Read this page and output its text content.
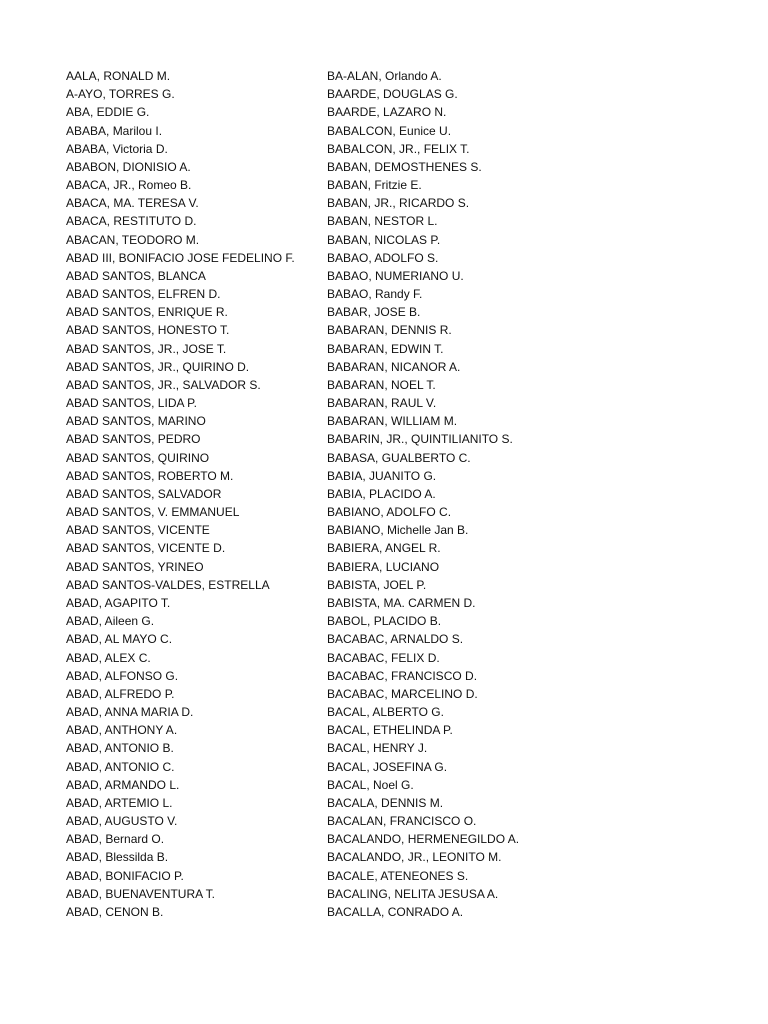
AALA, RONALD M.
A-AYO, TORRES G.
ABA, EDDIE G.
ABABA, Marilou I.
ABABA, Victoria D.
ABABON, DIONISIO A.
ABACA, JR., Romeo B.
ABACA, MA. TERESA V.
ABACA, RESTITUTO D.
ABACAN, TEODORO M.
ABAD III, BONIFACIO JOSE FEDELINO F.
ABAD SANTOS, BLANCA
ABAD SANTOS, ELFREN D.
ABAD SANTOS, ENRIQUE R.
ABAD SANTOS, HONESTO T.
ABAD SANTOS, JR., JOSE T.
ABAD SANTOS, JR., QUIRINO D.
ABAD SANTOS, JR., SALVADOR S.
ABAD SANTOS, LIDA P.
ABAD SANTOS, MARINO
ABAD SANTOS, PEDRO
ABAD SANTOS, QUIRINO
ABAD SANTOS, ROBERTO M.
ABAD SANTOS, SALVADOR
ABAD SANTOS, V. EMMANUEL
ABAD SANTOS, VICENTE
ABAD SANTOS, VICENTE D.
ABAD SANTOS, YRINEO
ABAD SANTOS-VALDES, ESTRELLA
ABAD, AGAPITO T.
ABAD, Aileen G.
ABAD, AL MAYO C.
ABAD, ALEX C.
ABAD, ALFONSO G.
ABAD, ALFREDO P.
ABAD, ANNA MARIA D.
ABAD, ANTHONY A.
ABAD, ANTONIO B.
ABAD, ANTONIO C.
ABAD, ARMANDO L.
ABAD, ARTEMIO L.
ABAD, AUGUSTO V.
ABAD, Bernard O.
ABAD, Blessilda B.
ABAD, BONIFACIO P.
ABAD, BUENAVENTURA T.
ABAD, CENON B.
BA-ALAN, Orlando A.
BAARDE, DOUGLAS G.
BAARDE, LAZARO N.
BABALCON, Eunice U.
BABALCON, JR., FELIX T.
BABAN, DEMOSTHENES S.
BABAN, Fritzie E.
BABAN, JR., RICARDO S.
BABAN, NESTOR L.
BABAN, NICOLAS P.
BABAO, ADOLFO S.
BABAO, NUMERIANO U.
BABAO, Randy F.
BABAR, JOSE B.
BABARAN, DENNIS R.
BABARAN, EDWIN T.
BABARAN, NICANOR A.
BABARAN, NOEL T.
BABARAN, RAUL V.
BABARAN, WILLIAM M.
BABARIN, JR., QUINTILIANITO S.
BABASA, GUALBERTO C.
BABIA, JUANITO G.
BABIA, PLACIDO A.
BABIANO, ADOLFO C.
BABIANO, Michelle Jan B.
BABIERA, ANGEL R.
BABIERA, LUCIANO
BABISTA, JOEL P.
BABISTA, MA. CARMEN D.
BABOL, PLACIDO B.
BACABAC, ARNALDO S.
BACABAC, FELIX D.
BACABAC, FRANCISCO D.
BACABAC, MARCELINO D.
BACAL, ALBERTO G.
BACAL, ETHELINDA P.
BACAL, HENRY J.
BACAL, JOSEFINA G.
BACAL, Noel G.
BACALA, DENNIS M.
BACALAN, FRANCISCO O.
BACALANDO, HERMENEGILDO A.
BACALANDO, JR., LEONITO M.
BACALE, ATENEONES S.
BACALING, NELITA JESUSA A.
BACALLA, CONRADO A.
